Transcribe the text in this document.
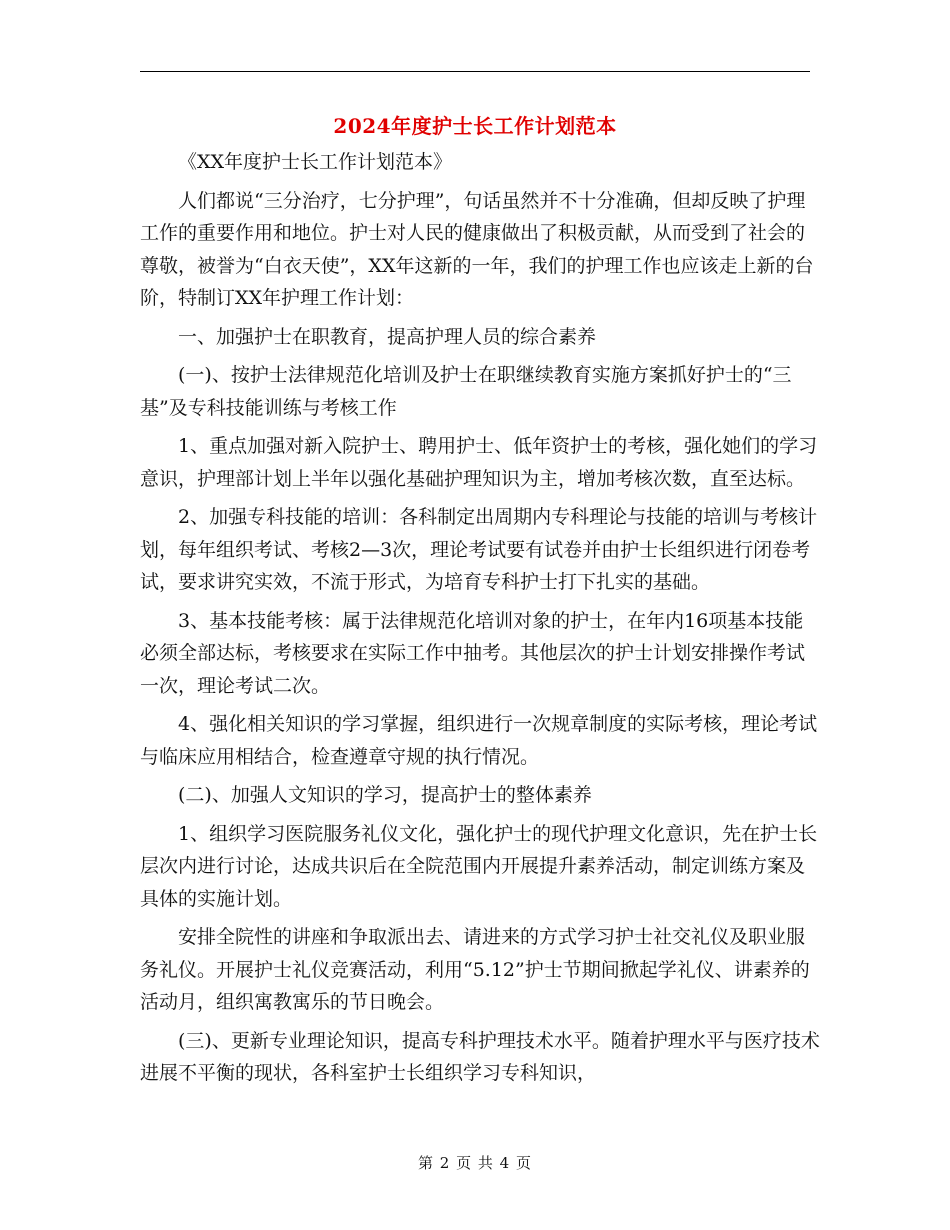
2024年度护士长工作计划范本

《XX年度护士长工作计划范本》

人们都说“三分治疗，七分护理”，句话虽然并不十分准确，但却反映了护理工作的重要作用和地位。护士对人民的健康做出了积极贡献，从而受到了社会的尊敬，被誉为“白衣天使”，XX年这新的一年，我们的护理工作也应该走上新的台阶，特制订XX年护理工作计划：

一、加强护士在职教育，提高护理人员的综合素养

(一)、按护士法律规范化培训及护士在职继续教育实施方案抓好护士的“三基”及专科技能训练与考核工作

1、重点加强对新入院护士、聘用护士、低年资护士的考核，强化她们的学习意识，护理部计划上半年以强化基础护理知识为主，增加考核次数，直至达标。

2、加强专科技能的培训：各科制定出周期内专科理论与技能的培训与考核计划，每年组织考试、考核2—3次，理论考试要有试卷并由护士长组织进行闭卷考试，要求讲究实效，不流于形式，为培育专科护士打下扎实的基础。

3、基本技能考核：属于法律规范化培训对象的护士，在年内16项基本技能必须全部达标，考核要求在实际工作中抽考。其他层次的护士计划安排操作考试一次，理论考试二次。

4、强化相关知识的学习掌握，组织进行一次规章制度的实际考核，理论考试与临床应用相结合，检查遵章守规的执行情况。

(二)、加强人文知识的学习，提高护士的整体素养

1、组织学习医院服务礼仪文化，强化护士的现代护理文化意识，先在护士长层次内进行讨论，达成共识后在全院范围内开展提升素养活动，制定训练方案及具体的实施计划。

安排全院性的讲座和争取派出去、请进来的方式学习护士社交礼仪及职业服务礼仪。开展护士礼仪竞赛活动，利用“5.12”护士节期间掀起学礼仪、讲素养的活动月，组织寓教寓乐的节日晚会。

(三)、更新专业理论知识，提高专科护理技术水平。随着护理水平与医疗技术进展不平衡的现状，各科室护士长组织学习专科知识，

第 2 页 共 4 页
